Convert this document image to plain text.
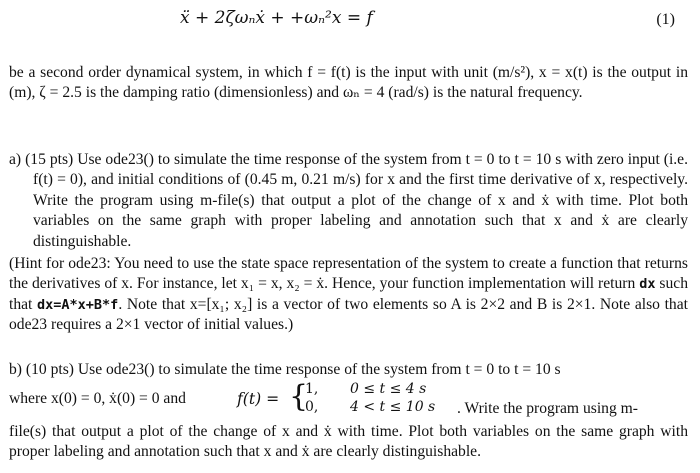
ẍ + 2ζωₙẋ + +ωₙ²x = f	(1)

be a second order dynamical system, in which f = f(t) is the input with unit (m/s²), x = x(t) is the output in (m), ζ = 2.5 is the damping ratio (dimensionless) and ωₙ = 4 (rad/s) is the natural frequency.

a) (15 pts) Use ode23() to simulate the time response of the system from t = 0 to t = 10 s with zero input (i.e. f(t) = 0), and initial conditions of (0.45 m, 0.21 m/s) for x and the first time derivative of x, respectively. Write the program using m-file(s) that output a plot of the change of x and ẋ with time. Plot both variables on the same graph with proper labeling and annotation such that x and ẋ are clearly distinguishable.

(Hint for ode23: You need to use the state space representation of the system to create a function that returns the derivatives of x. For instance, let x₁ = x, x₂ = ẋ. Hence, your function implementation will return dx such that dx=A*x+B*f. Note that x=[x₁; x₂] is a vector of two elements so A is 2×2 and B is 2×1. Note also that ode23 requires a 2×1 vector of initial values.)

b) (10 pts) Use ode23() to simulate the time response of the system from t = 0 to t = 10 s

where x(0) = 0, ẋ(0) = 0 and	f(t) = {
1, 0 ≤ t ≤ 4 s
0, 4 < t ≤ 10 s . Write the program using m-

file(s) that output a plot of the change of x and ẋ with time. Plot both variables on the same graph with proper labeling and annotation such that x and ẋ are clearly distinguishable.
